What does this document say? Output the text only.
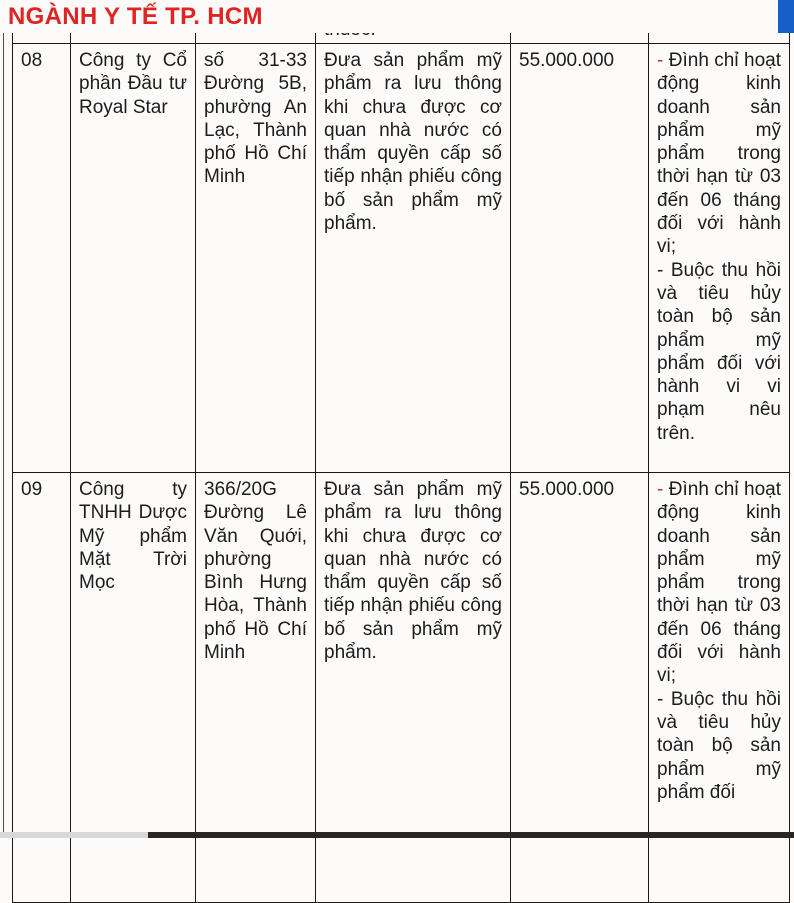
NGÀNH Y TẾ TP. HCM

08	Công ty Cổ phần Đầu tư Royal Star	số 31-33 Đường 5B, phường An Lạc, Thành phố Hồ Chí Minh	Đưa sản phẩm mỹ phẩm ra lưu thông khi chưa được cơ quan nhà nước có thẩm quyền cấp số tiếp nhận phiếu công bố sản phẩm mỹ phẩm.	55.000.000	- Đình chỉ hoạt động kinh doanh sản phẩm mỹ phẩm trong thời hạn từ 03 đến 06 tháng đối với hành vi;

- Buộc thu hồi và tiêu hủy toàn bộ sản phẩm mỹ phẩm đối với hành vi vi phạm nêu trên.

09	Công ty TNHH Dược Mỹ phẩm Mặt Trời Mọc	366/20G Đường Lê Văn Quới, phường Bình Hưng Hòa, Thành phố Hồ Chí Minh	Đưa sản phẩm mỹ phẩm ra lưu thông khi chưa được cơ quan nhà nước có thẩm quyền cấp số tiếp nhận phiếu công bố sản phẩm mỹ phẩm.	55.000.000	- Đình chỉ hoạt động kinh doanh sản phẩm mỹ phẩm trong thời hạn từ 03 đến 06 tháng đối với hành vi;

- Buộc thu hồi và tiêu hủy toàn bộ sản phẩm mỹ phẩm đối
